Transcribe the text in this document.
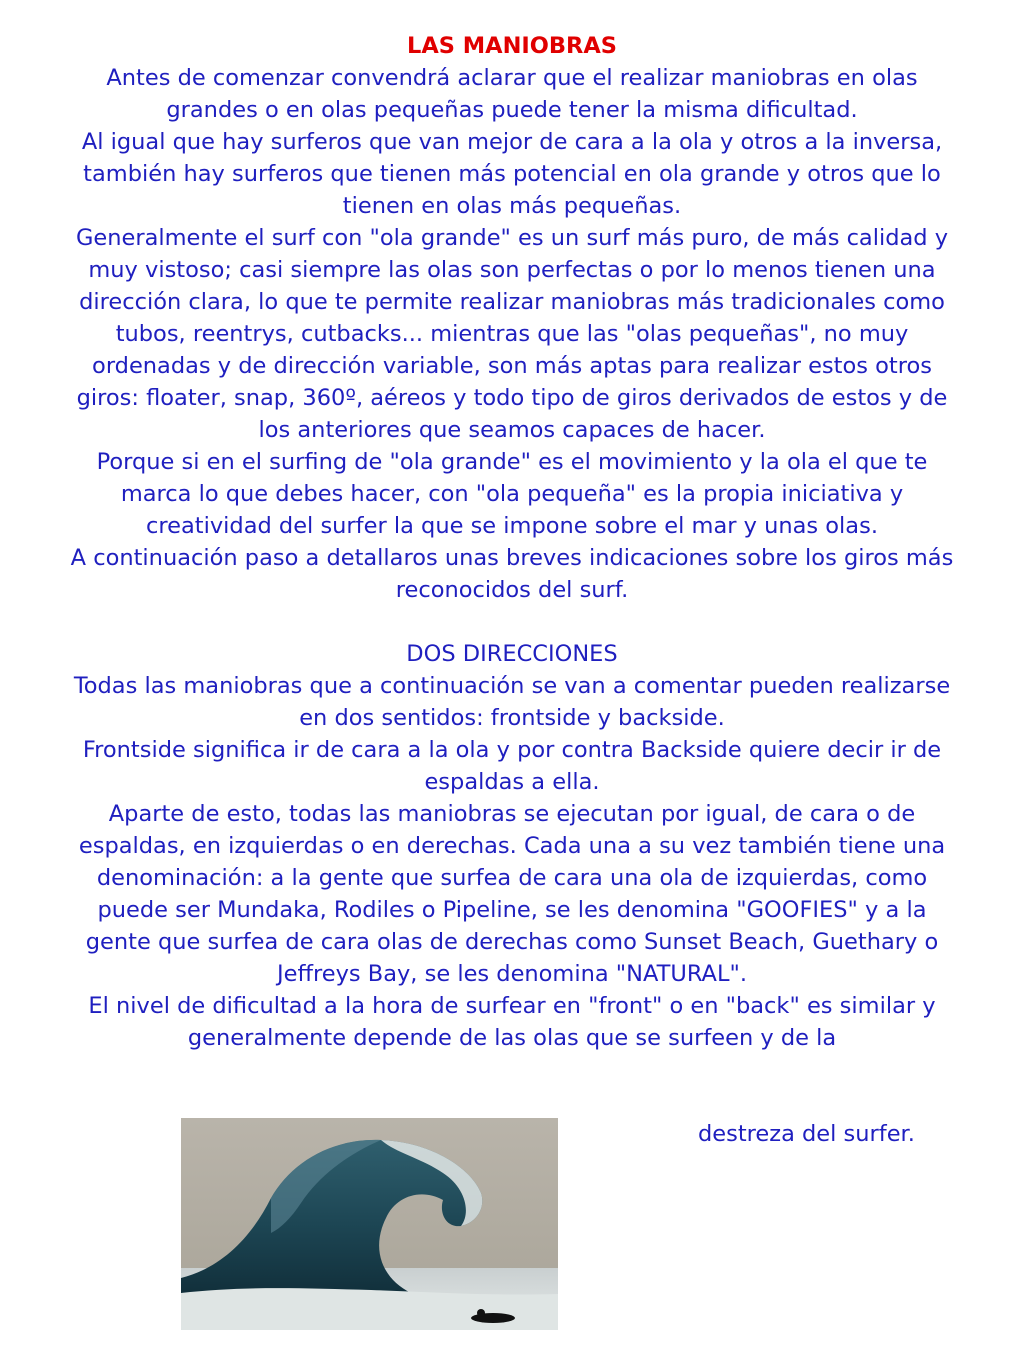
LAS MANIOBRAS
Antes de comenzar convendrá aclarar que el realizar maniobras en olas grandes o en olas pequeñas puede tener la misma dificultad.
Al igual que hay surferos que van mejor de cara a la ola y otros a la inversa, también hay surferos que tienen más potencial en ola grande y otros que lo tienen en olas más pequeñas.
Generalmente el surf con "ola grande" es un surf más puro, de más calidad y muy vistoso; casi siempre las olas son perfectas o por lo menos tienen una dirección clara, lo que te permite realizar maniobras más tradicionales como tubos, reentrys, cutbacks... mientras que las "olas pequeñas", no muy ordenadas y de dirección variable, son más aptas para realizar estos otros giros: floater, snap, 360º, aéreos y todo tipo de giros derivados de estos y de los anteriores que seamos capaces de hacer.
Porque si en el surfing de "ola grande" es el movimiento y la ola el que te marca lo que debes hacer, con "ola pequeña" es la propia iniciativa y creatividad del surfer la que se impone sobre el mar y unas olas.
A continuación paso a detallaros unas breves indicaciones sobre los giros más reconocidos del surf.
DOS DIRECCIONES
Todas las maniobras que a continuación se van a comentar pueden realizarse en dos sentidos: frontside y backside.
Frontside significa ir de cara a la ola y por contra Backside quiere decir ir de espaldas a ella.
Aparte de esto, todas las maniobras se ejecutan por igual, de cara o de espaldas, en izquierdas o en derechas. Cada una a su vez también tiene una denominación: a la gente que surfea de cara una ola de izquierdas, como puede ser Mundaka, Rodiles o Pipeline, se les denomina "GOOFIES" y a la gente que surfea de cara olas de derechas como Sunset Beach, Guethary o Jeffreys Bay, se les denomina "NATURAL".
El nivel de dificultad a la hora de surfear en "front" o en "back" es similar y generalmente depende de las olas que se surfeen y de la
destreza del surfer.
